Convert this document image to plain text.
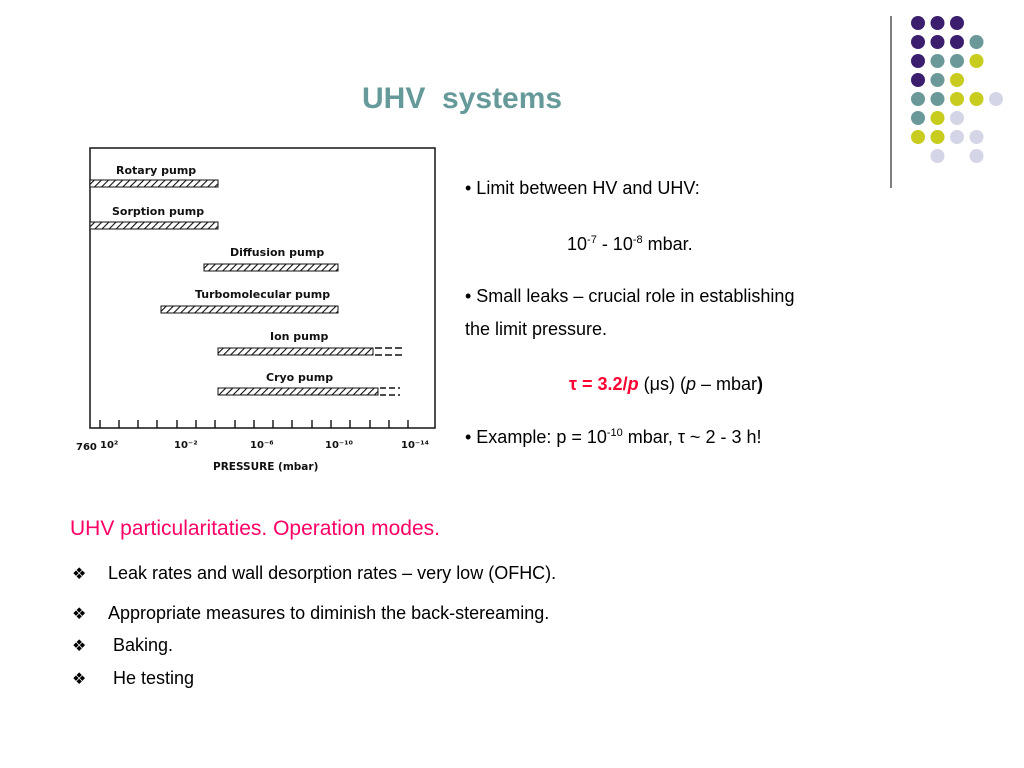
UHV  systems
Rotary pump
Sorption pump
Diffusion pump
Turbomolecular pump
Ion pump
Cryo pump
760 10²	10⁻²	10⁻⁶	10⁻¹⁰	10⁻¹⁴
PRESSURE (mbar)
• Limit between HV and UHV:
$10^{-7} - 10^{-8}$ mbar.
• Small leaks – crucial role in establishing
the limit pressure.
τ = 3.2/p (μs) (p – mbar)
• Example: $p = 10^{-10}$ mbar, τ ~ 2 - 3 h!
UHV particularitaties. Operation modes.
❖ Leak rates and wall desorption rates – very low (OFHC).
❖ Appropriate measures to diminish the back-stereaming.
❖ Baking.
❖ He testing
